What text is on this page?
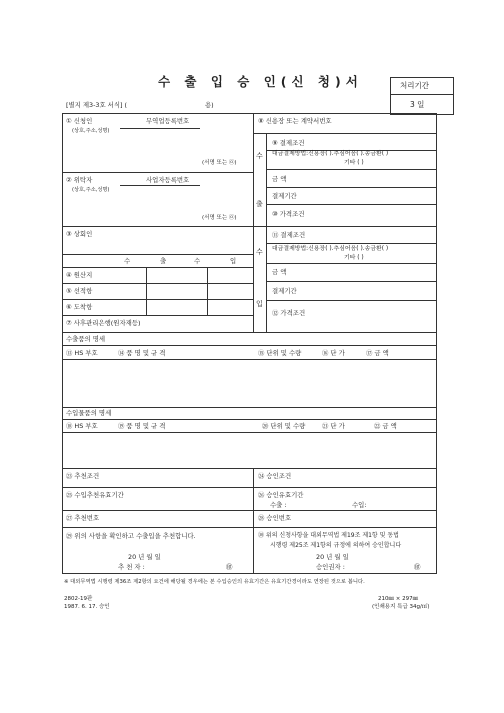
수 출 입 승 인(신 청)서	처리기간
3 일
[별지 제3-3호 서식] (	용)
① 신청인	무역업등록번호
(상호,주소,성명)
(서명 또는 ㉧)
② 위탁자	사업자등록번호
(상호,주소,성명)
(서명 또는 ㉧)
③ 상회인
수	출	수	입
④ 원산지
⑤ 선적항
⑥ 도착항
⑦ 사후관리은행(원자재등)
⑧ 신용장 또는 계약서번호
수
출
수
입
⑨ 결제조건
대금결제방법:신용장( ).추심어음( ).송금환( )
기타 ( )
금 액
결제기간
⑩ 가격조건
⑪ 결제조건
대금결제방법:신용장( ).추심어음( ).송금환( )
기타 ( )
금 액
결제기간
⑫ 가격조건
수출품의 명세
⑬ HS 부호	⑭ 품 명 및 규 격	⑮ 단위 및 수량	⑯ 단 가	⑰ 금 액
수입물품의 명세
⑱ HS 부호	⑲ 품 명 및 규 격	⑳ 단위 및 수량	㉑ 단 가	㉒ 금 액
㉓ 추천조건	㉔ 승인조건
㉕ 수입추천유효기간	㉖ 승인유효기간
수출 :	수입:
㉗ 추천번호	㉘ 승인번호
㉙ 위의 사항을 확인하고 수출입을 추천합니다.
20 년 월 일
추 천 자 :	㊞
㉚ 위의 신청사항을 대외무역법 제19조 제1항 및 동법
시행령 제25조 제1항의 규정에 의하여 승인합니다
20 년 월 일
승인권자 :	㊞
※ 대외무역법 시행령 제36조 제2항의 요건에 해당될 경우에는 본 수입승인의 유효기간은 유효기간경이라도 연장된 것으로 봅니다.
2802-19판
1987. 6. 17. 승인
210㎜ × 297㎜
(인쇄용지 특급 34g/㎡)
